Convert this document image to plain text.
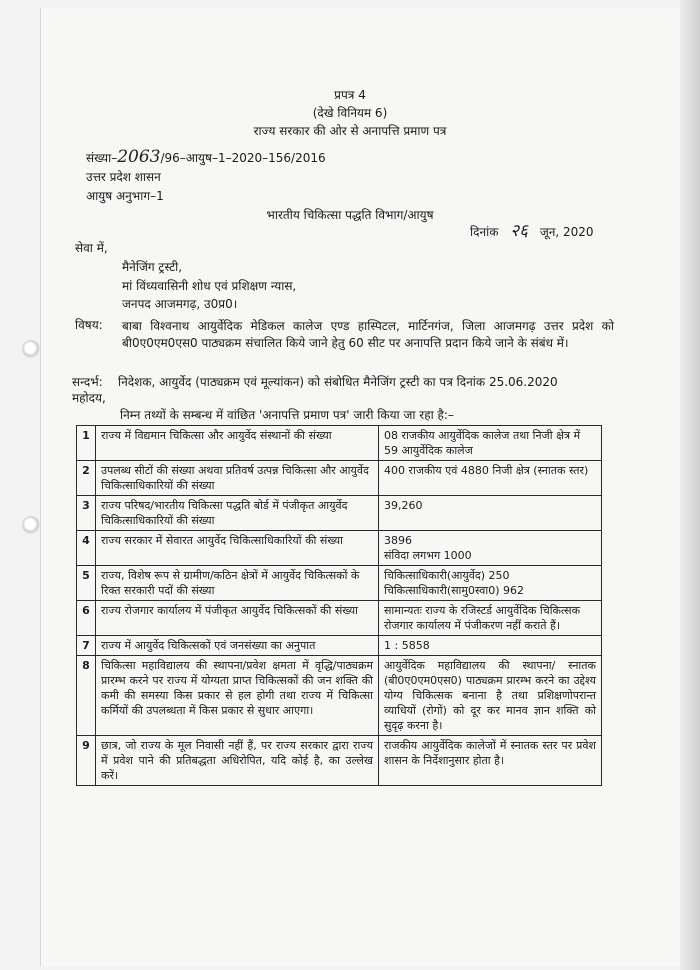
प्रपत्र 4
(देखे विनियम 6)
राज्य सरकार की ओर से अनापत्ति प्रमाण पत्र
संख्या–2063/96–आयुष–1–2020–156/2016
उत्तर प्रदेश शासन
आयुष अनुभाग–1
भारतीय चिकित्सा पद्धति विभाग/आयुष
दिनांक २६ जून, 2020
सेवा में,
मैनेजिंग ट्रस्टी,
मां विंध्यवासिनी शोध एवं प्रशिक्षण न्यास,
जनपद आजमगढ़, उ0प्र0।
विषय: बाबा विश्वनाथ आयुर्वेदिक मेडिकल कालेज एण्ड हास्पिटल, मार्टिनगंज, जिला आजमगढ़ उत्तर प्रदेश को बी0ए0एम0एस0 पाठ्यक्रम संचालित किये जाने हेतु 60 सीट पर अनापत्ति प्रदान किये जाने के संबंध में।
सन्दर्भ: निदेशक, आयुर्वेद (पाठ्यक्रम एवं मूल्यांकन) को संबोधित मैनेजिंग ट्रस्टी का पत्र दिनांक 25.06.2020
महोदय,
निम्न तथ्यों के सम्बन्ध में वांछित 'अनापत्ति प्रमाण पत्र' जारी किया जा रहा है:–
1	राज्य में विद्यमान चिकित्सा और आयुर्वेद संस्थानों की संख्या	08 राजकीय आयुर्वेदिक कालेज तथा निजी क्षेत्र में 59 आयुर्वेदिक कालेज
2	उपलब्ध सीटों की संख्या अथवा प्रतिवर्ष उत्पन्न चिकित्सा और आयुर्वेद चिकित्साधिकारियों की संख्या	400 राजकीय एवं 4880 निजी क्षेत्र (स्नातक स्तर)
3	राज्य परिषद/भारतीय चिकित्सा पद्धति बोर्ड में पंजीकृत आयुर्वेद चिकित्साधिकारियों की संख्या	39,260
4	राज्य सरकार में सेवारत आयुर्वेद चिकित्साधिकारियों की संख्या	3896
संविदा लगभग 1000

5	राज्य, विशेष रूप से ग्रामीण/कठिन क्षेत्रों में आयुर्वेद चिकित्सकों के रिक्त सरकारी पदों की संख्या	चिकित्साधिकारी(आयुर्वेद) 250
चिकित्साधिकारी(सामु0स्वा0) 962

6	राज्य रोजगार कार्यालय में पंजीकृत आयुर्वेद चिकित्सकों की संख्या	सामान्यतः राज्य के रजिस्टर्ड आयुर्वेदिक चिकित्सक रोजगार कार्यालय में पंजीकरण नहीं कराते हैं।
7	राज्य में आयुर्वेद चिकित्सकों एवं जनसंख्या का अनुपात	1 : 5858
8	चिकित्सा महाविद्यालय की स्थापना/प्रवेश क्षमता में वृद्धि/पाठ्यक्रम प्रारम्भ करने पर राज्य में योग्यता प्राप्त चिकित्सकों की जन शक्ति की कमी की समस्या किस प्रकार से हल होगी तथा राज्य में चिकित्सा कर्मियों की उपलब्धता में किस प्रकार से सुधार आएगा।	आयुर्वेदिक महाविद्यालय की स्थापना/ स्नातक (बी0ए0एम0एस0) पाठ्यक्रम प्रारम्भ करने का उद्देश्य योग्य चिकित्सक बनाना है तथा प्रशिक्षणोपरान्त व्याधियों (रोगों) को दूर कर मानव ज्ञान शक्ति को सुदृढ़ करना है।
9	छात्र, जो राज्य के मूल निवासी नहीं हैं, पर राज्य सरकार द्वारा राज्य में प्रवेश पाने की प्रतिबद्धता अधिरोपित, यदि कोई है, का उल्लेख करें।	राजकीय आयुर्वेदिक कालेजों में स्नातक स्तर पर प्रवेश शासन के निर्देशानुसार होता है।
